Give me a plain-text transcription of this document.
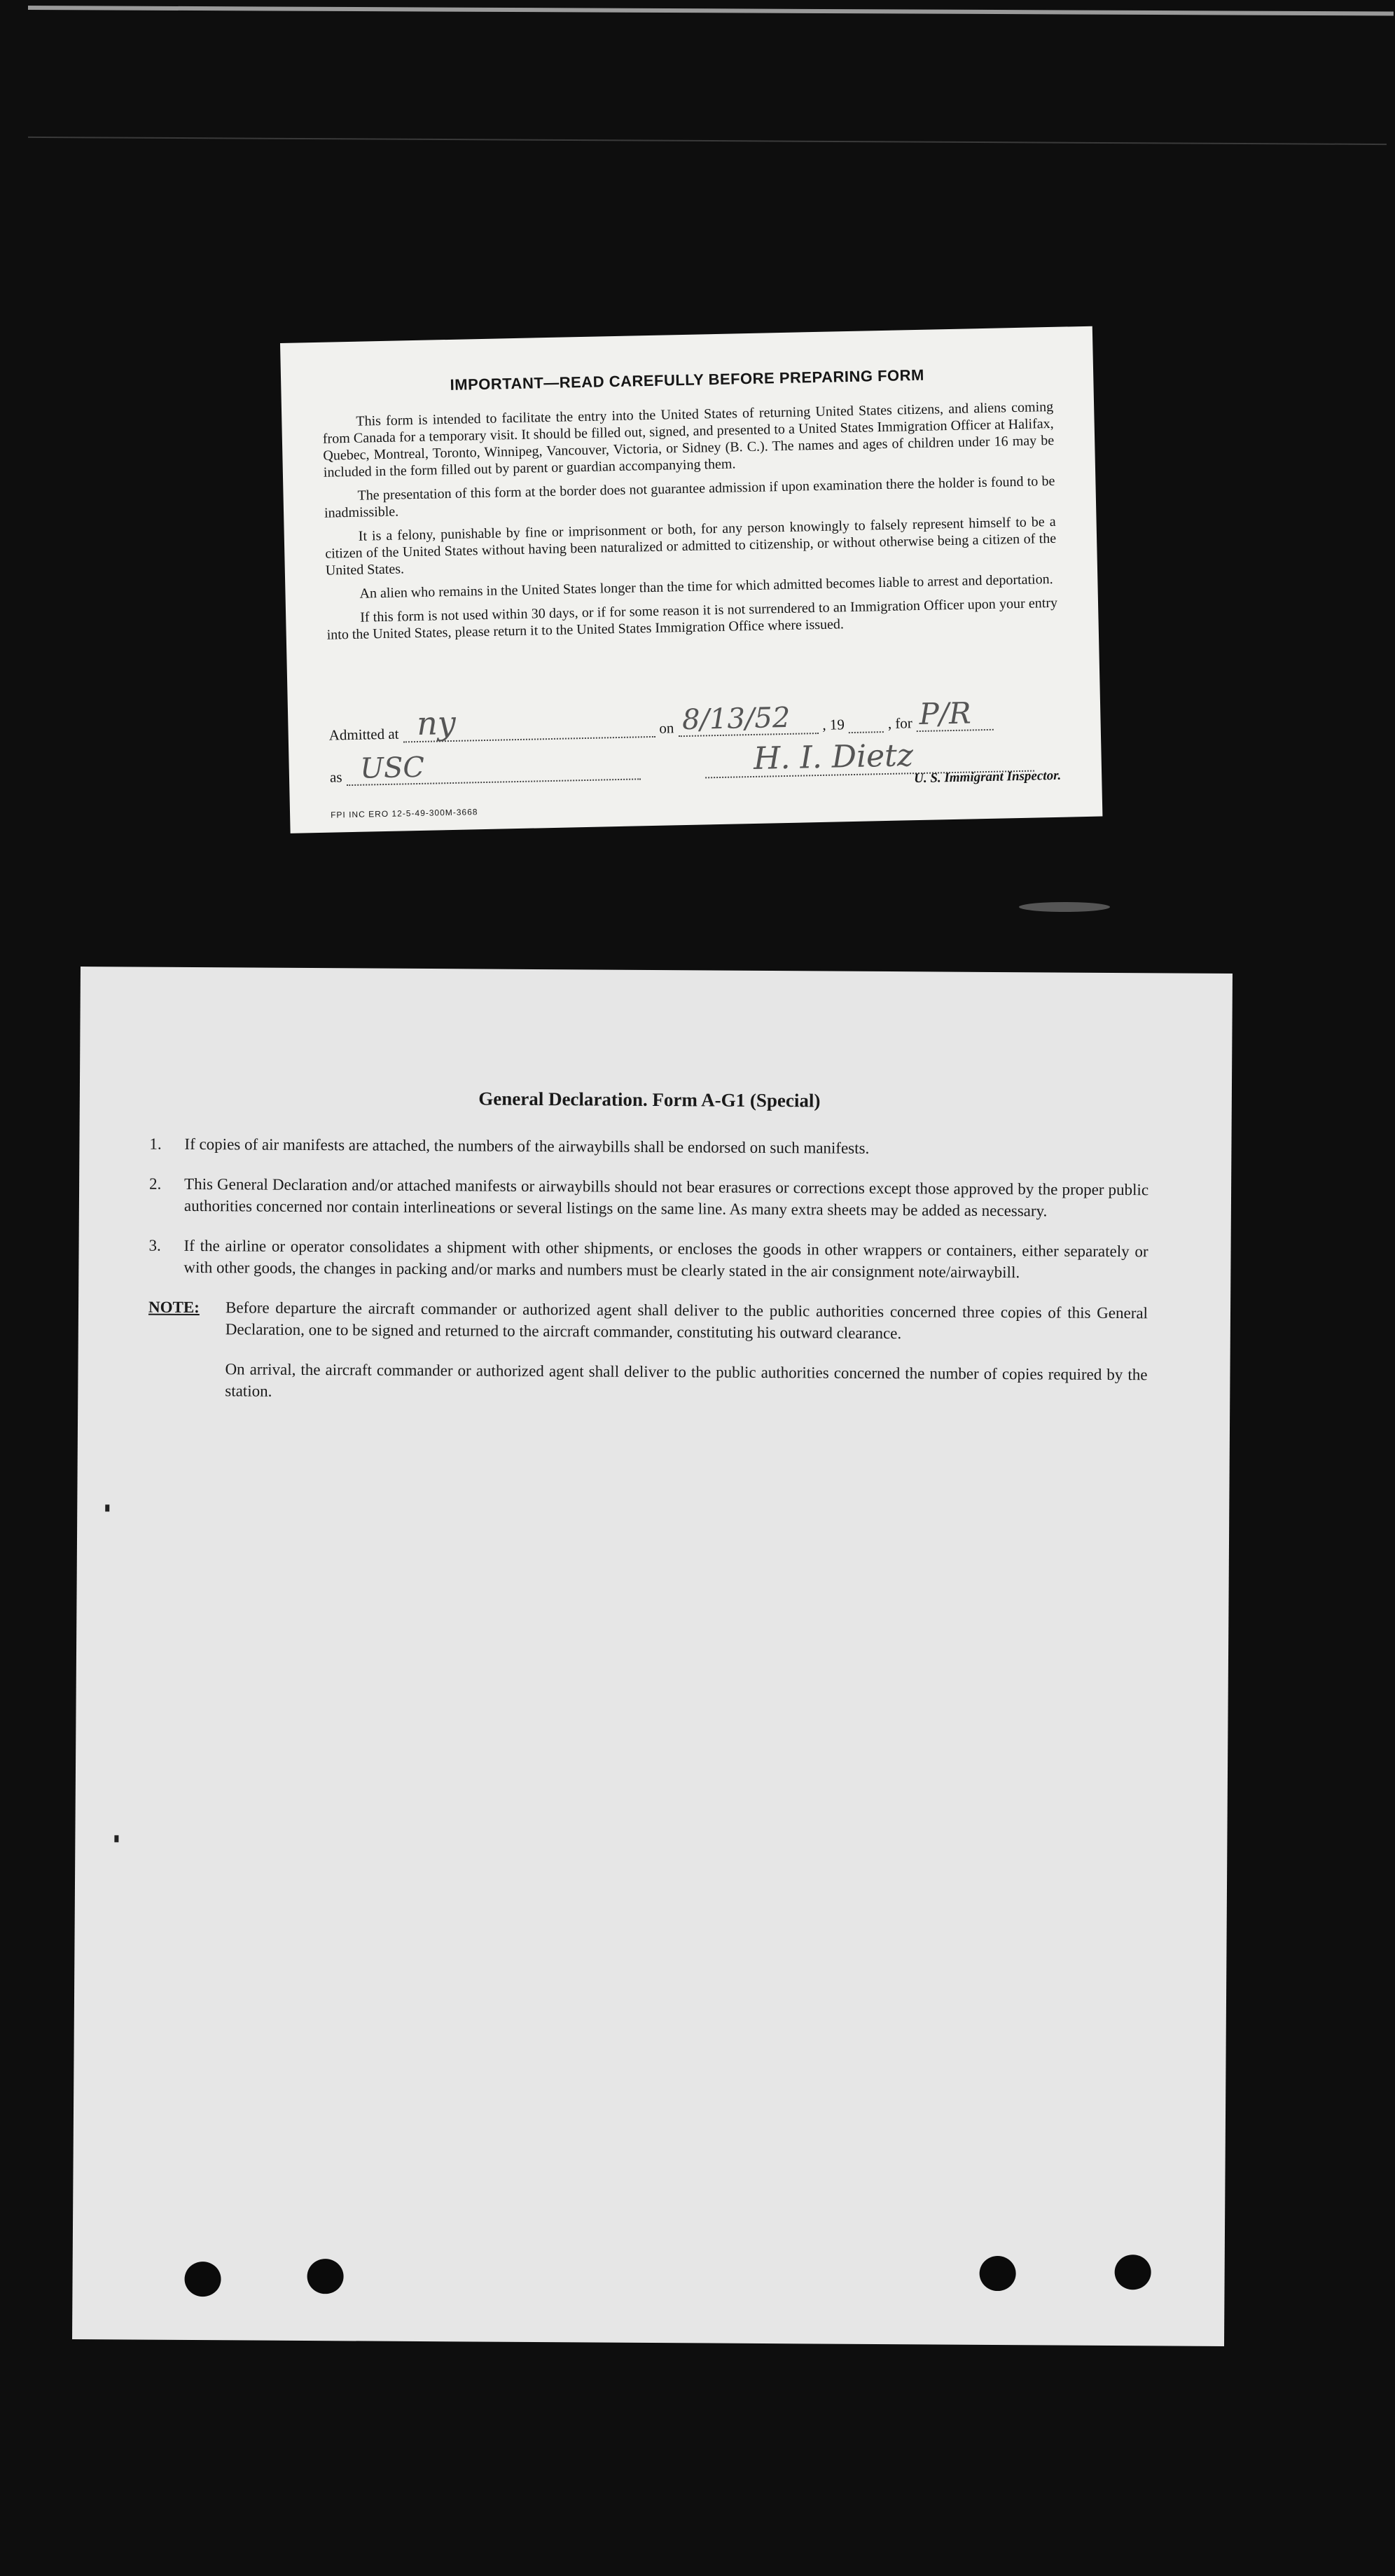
IMPORTANT—READ CAREFULLY BEFORE PREPARING FORM

This form is intended to facilitate the entry into the United States of returning United States citizens, and aliens coming from Canada for a temporary visit. It should be filled out, signed, and presented to a United States Immigration Officer at Halifax, Quebec, Montreal, Toronto, Winnipeg, Vancouver, Victoria, or Sidney (B. C.). The names and ages of children under 16 may be included in the form filled out by parent or guardian accompanying them.

The presentation of this form at the border does not guarantee admission if upon examination there the holder is found to be inadmissible.

It is a felony, punishable by fine or imprisonment or both, for any person knowingly to falsely represent himself to be a citizen of the United States without having been naturalized or admitted to citizenship, or without otherwise being a citizen of the United States.

An alien who remains in the United States longer than the time for which admitted becomes liable to arrest and deportation.

If this form is not used within 30 days, or if for some reason it is not surrendered to an Immigration Officer upon your entry into the United States, please return it to the United States Immigration Office where issued.

Admitted at ny	on 8/13/52 , 19	, for P/R
as USC	H. I. Dietz
U. S. Immigrant Inspector.
FPI INC ERO 12-5-49-300M-3668
General Declaration. Form A-G1 (Special)
1.	If copies of air manifests are attached, the numbers of the airwaybills shall be endorsed on such manifests.
2.	This General Declaration and/or attached manifests or airwaybills should not bear erasures or corrections except those approved by the proper public authorities concerned nor contain interlineations or several listings on the same line. As many extra sheets may be added as necessary.
3.	If the airline or operator consolidates a shipment with other shipments, or encloses the goods in other wrappers or containers, either separately or with other goods, the changes in packing and/or marks and numbers must be clearly stated in the air consignment note/airwaybill.
NOTE:	Before departure the aircraft commander or authorized agent shall deliver to the public authorities concerned three copies of this General Declaration, one to be signed and returned to the aircraft commander, constituting his outward clearance.

On arrival, the aircraft commander or authorized agent shall deliver to the public authorities concerned the number of copies required by the station.
